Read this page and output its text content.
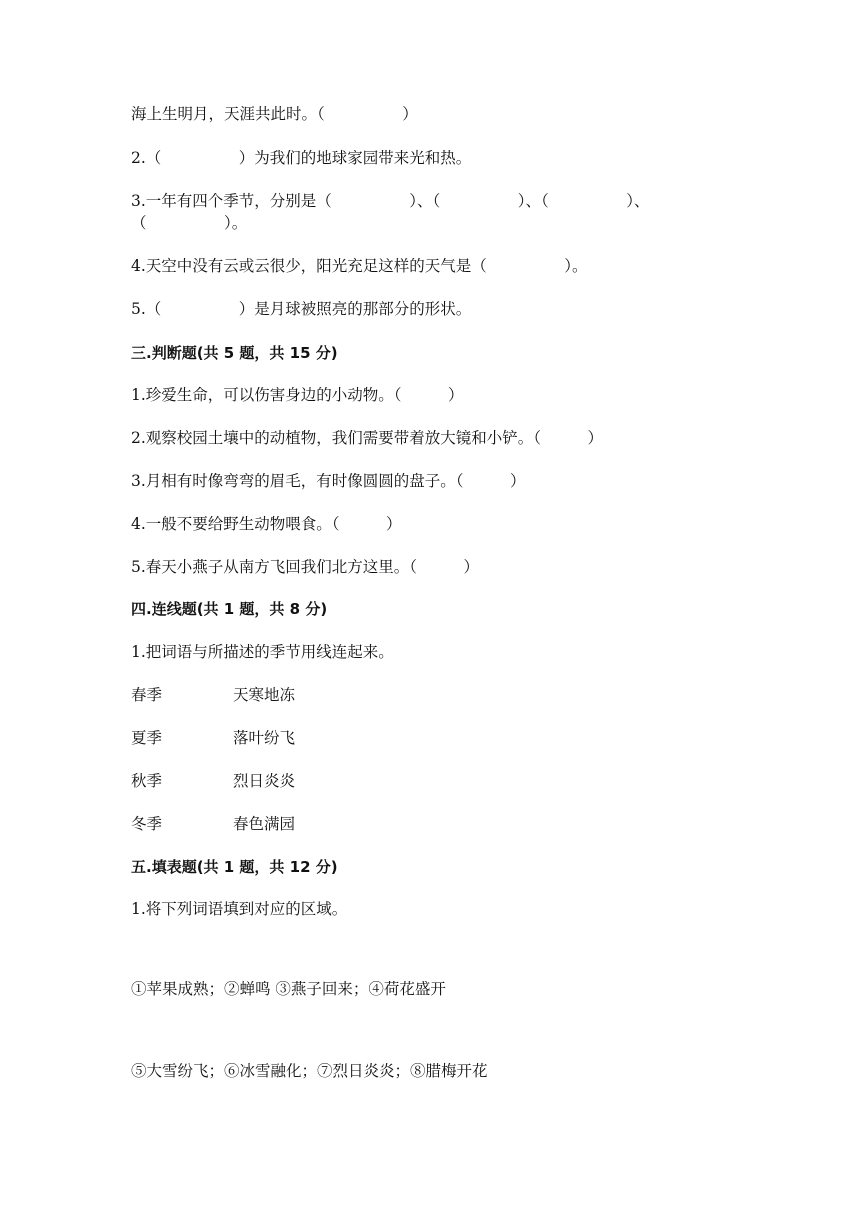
海上生明月，天涯共此时。（　　　　　）
2.（　　　　　）为我们的地球家园带来光和热。
3.一年有四个季节，分别是（　　　　　）、（　　　　　）、（　　　　　）、
（　　　　　）。
4.天空中没有云或云很少，阳光充足这样的天气是（　　　　　）。
5.（　　　　　）是月球被照亮的那部分的形状。
三.判断题(共 5 题，共 15 分)
1.珍爱生命，可以伤害身边的小动物。（　　　）
2.观察校园土壤中的动植物，我们需要带着放大镜和小铲。（　　　）
3.月相有时像弯弯的眉毛，有时像圆圆的盘子。（　　　）
4.一般不要给野生动物喂食。（　　　）
5.春天小燕子从南方飞回我们北方这里。（　　　）
四.连线题(共 1 题，共 8 分)
1.把词语与所描述的季节用线连起来。
春季	天寒地冻
夏季	落叶纷飞
秋季	烈日炎炎
冬季	春色满园
五.填表题(共 1 题，共 12 分)
1.将下列词语填到对应的区域。
①苹果成熟；②蝉鸣 ③燕子回来；④荷花盛开
⑤大雪纷飞；⑥冰雪融化；⑦烈日炎炎；⑧腊梅开花
